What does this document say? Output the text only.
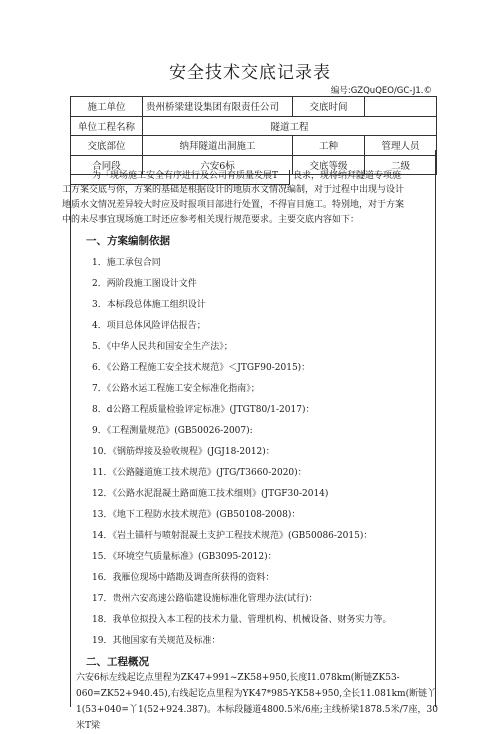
安全技术交底记录表
编号:GZQuQEO/GC-J1.©
施工单位	贵州桥梁建设集团有限责任公司	交底时间	
单位工程名称	隧道工程		
交底部位	纳拜隧道出洞施工	工种	管理人员
合同段	六安6标	交底等级	二级
为「现场施工安全有序进行及公司育质量发展T	良求，现将纳拜隧道专项施
工方案交底与你，方案的基础是根据设计的地质水文情况编制，对于过程中出现与设计
地质水文情况差异较大时应及时报项目部进行处置，不得盲目施工。特别地，对于方案
中的未尽事宜现场施工时还应参考相关现行规范要求。主要交底内容如下：
一、方案编制依据
1．施工承包合同
2．两阶段施工图设计文件
3．本标段总体施工组织设计
4．项目总体风险评估报告；
5．《中华人民共和国安全生产法》；
6．《公路工程施工安全技术规范》＜JTGF90-2015)：
7．《公路水运工程施工安全标准化指南》；
8．d公路工程质量检验评定标准》(JTGT80/1-2017)：
9．《工程测量规范》(GB50026-2007):
10．《钢筋焊接及验收规程》(JGJ18-2012)：
11．《公路隧道施工技术规范》(JTG/T3660-2020)：
12．《公路水泥混凝土路面施工技术细则》(JTGF30-2014)
13．《地下工程防水技术规范》(GB50108-2008)：
14．《岩土锚杆与喷射混凝土支护工程技术规范》(GB50086-2015)：
15．《环境空气质量标准》(GB3095-2012)：
16．我雁位现场中踏勘及调查所获得的资料：
17．贵州六安高速公路临建设施标准化管理办法(试行)：
18．我单位拟投入本工程的技术力量、管理机构、机械设备、财务实力等。
19．其他国家有关规范及标准：
二、工程概况
六安6标左线起讫点里程为ZK47+991~ZK58+950,长度I1.078km(断链ZK53-
060=ZK52+940.45),右线起讫点里程为YK47*985-YK58+950,全长11.081km(断链丫
1(53+040=丫1(52+924.387)。本标段隧道4800.5米/6座;主线桥梁1878.5米/7座，30米T梁
